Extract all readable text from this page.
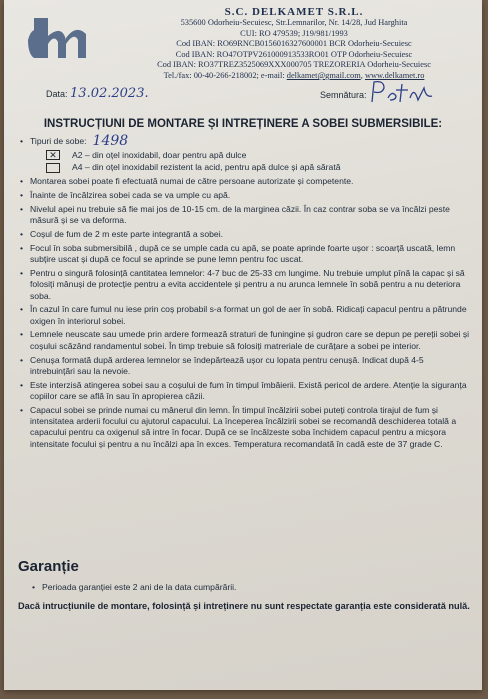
S.C. DELKAMET S.R.L.
535600 Odorheiu-Secuiesc, Str.Lemnarilor, Nr. 14/28, Jud Harghita
CUI: RO 479539; J19/981/1993
Cod IBAN: RO69RNCB0156016327600001 BCR Odorheiu-Secuiesc
Cod IBAN: RO47OTPV261000913533RO01 OTP Odorheiu-Secuiesc
Cod IBAN: RO37TREZ3525069XXX000705 TREZORERIA Odorheiu-Secuiesc
Tel./fax: 00-40-266-218002; e-mail: delkamet@gmail.com, www.delkamet.ro
Data: 13.02.2023.	Semnătura:
INSTRUCȚIUNI DE MONTARE ȘI INTREȚINERE A SOBEI SUBMERSIBILE:
• Tipuri de sobe: 1498
✕	A2 – din oțel inoxidabil, doar pentru apă dulce
A4 – din oțel inoxidabil rezistent la acid, pentru apă dulce și apă sărată
• Montarea sobei poate fi efectuată numai de către persoane autorizate și competente.
• Înainte de încălzirea sobei cada se va umple cu apă.
• Nivelul apei nu trebuie să fie mai jos de 10-15 cm. de la marginea căzii. În caz contrar soba se va încălzi peste măsură și se va deforma.
• Coșul de fum de 2 m este parte integrantă a sobei.
• Focul în soba submersibilă , după ce se umple cada cu apă, se poate aprinde foarte ușor : scoarță uscată, lemn subțire uscat și după ce focul se aprinde se pune lemn pentru foc uscat.
• Pentru o singură folosință cantitatea lemnelor: 4-7 buc de 25-33 cm lungime. Nu trebuie umplut pînă la capac și să folosiți mânuși de protecție pentru a evita accidentele și pentru a nu arunca lemnele în sobă pentru a nu deteriora soba.
• În cazul în care fumul nu iese prin coș probabil s-a format un gol de aer în sobă. Ridicați capacul pentru a pătrunde oxigen în interiorul sobei.
• Lemnele neuscate sau umede prin ardere formează straturi de funingine și gudron care se depun pe pereții sobei și coșului scăzând randamentul sobei. În timp trebuie să folosiți matreriale de curățare a sobei pe interior.
• Cenușa formată după arderea lemnelor se îndepărtează ușor cu lopata pentru cenușă. Indicat după 4-5 intrebuințări sau la nevoie.
• Este interzisă atingerea sobei sau a coșului de fum în timpul îmbăierii. Există pericol de ardere. Atenție la siguranța copiilor care se află în sau în apropierea căzii.
• Capacul sobei se prinde numai cu mânerul din lemn. În timpul încălzirii sobei puteți controla tirajul de fum și intensitatea arderii focului cu ajutorul capacului. La începerea încălzirii sobei se recomandă deschiderea totală a capacului pentru ca oxigenul să intre în focar. După ce se încălzeste soba închidem capacul pentru a micșora intensitate focului și pentru a nu încălzi apa în exces. Temperatura recomandată în cadă este de 37 grade C.
Garanție
• Perioada garanției este 2 ani de la data cumpărării.
Dacă intrucțiunile de montare, folosință și intreținere nu sunt respectate garanția este considerată nulă.
